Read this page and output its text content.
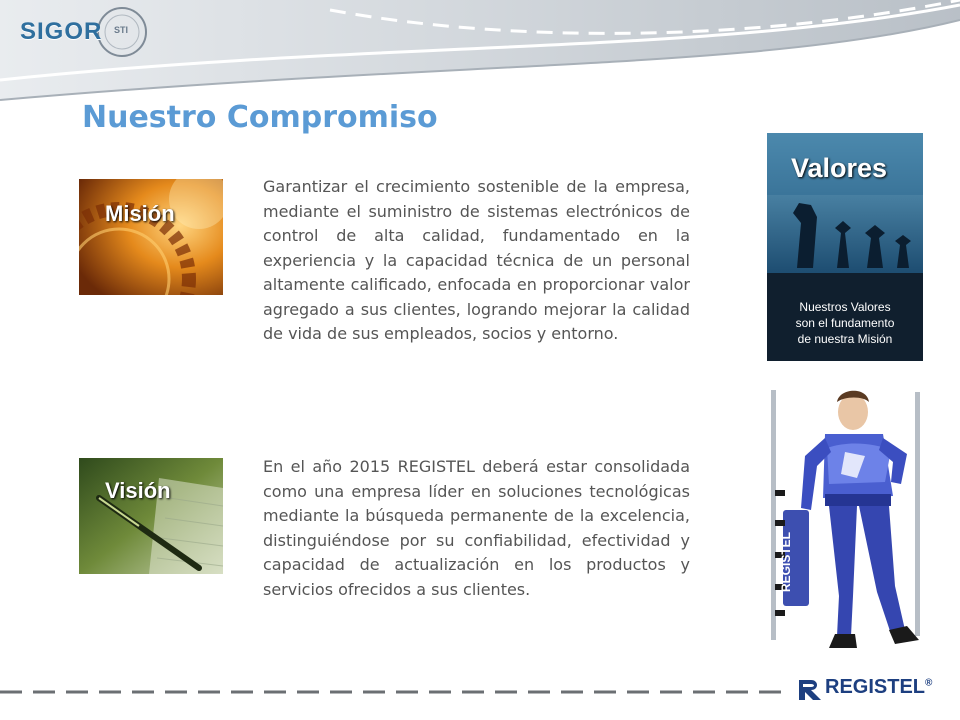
SIGOR STI
Nuestro Compromiso
Misión

Garantizar el crecimiento sostenible de la empresa, mediante el suministro de sistemas electrónicos de control de alta calidad, fundamentado en la experiencia y la capacidad técnica de un personal altamente calificado, enfocada en proporcionar valor agregado a sus clientes, logrando mejorar la calidad de vida de sus empleados, socios y entorno.

Visión

En el año 2015 REGISTEL deberá estar consolidada como una empresa líder en soluciones tecnológicas mediante la búsqueda permanente de la excelencia, distinguiéndose por su confiabilidad, efectividad y capacidad de actualización en los productos y servicios ofrecidos a sus clientes.

Valores
Nuestros Valores
son el fundamento
de nuestra Misión
REGISTEL
REGISTEL®
